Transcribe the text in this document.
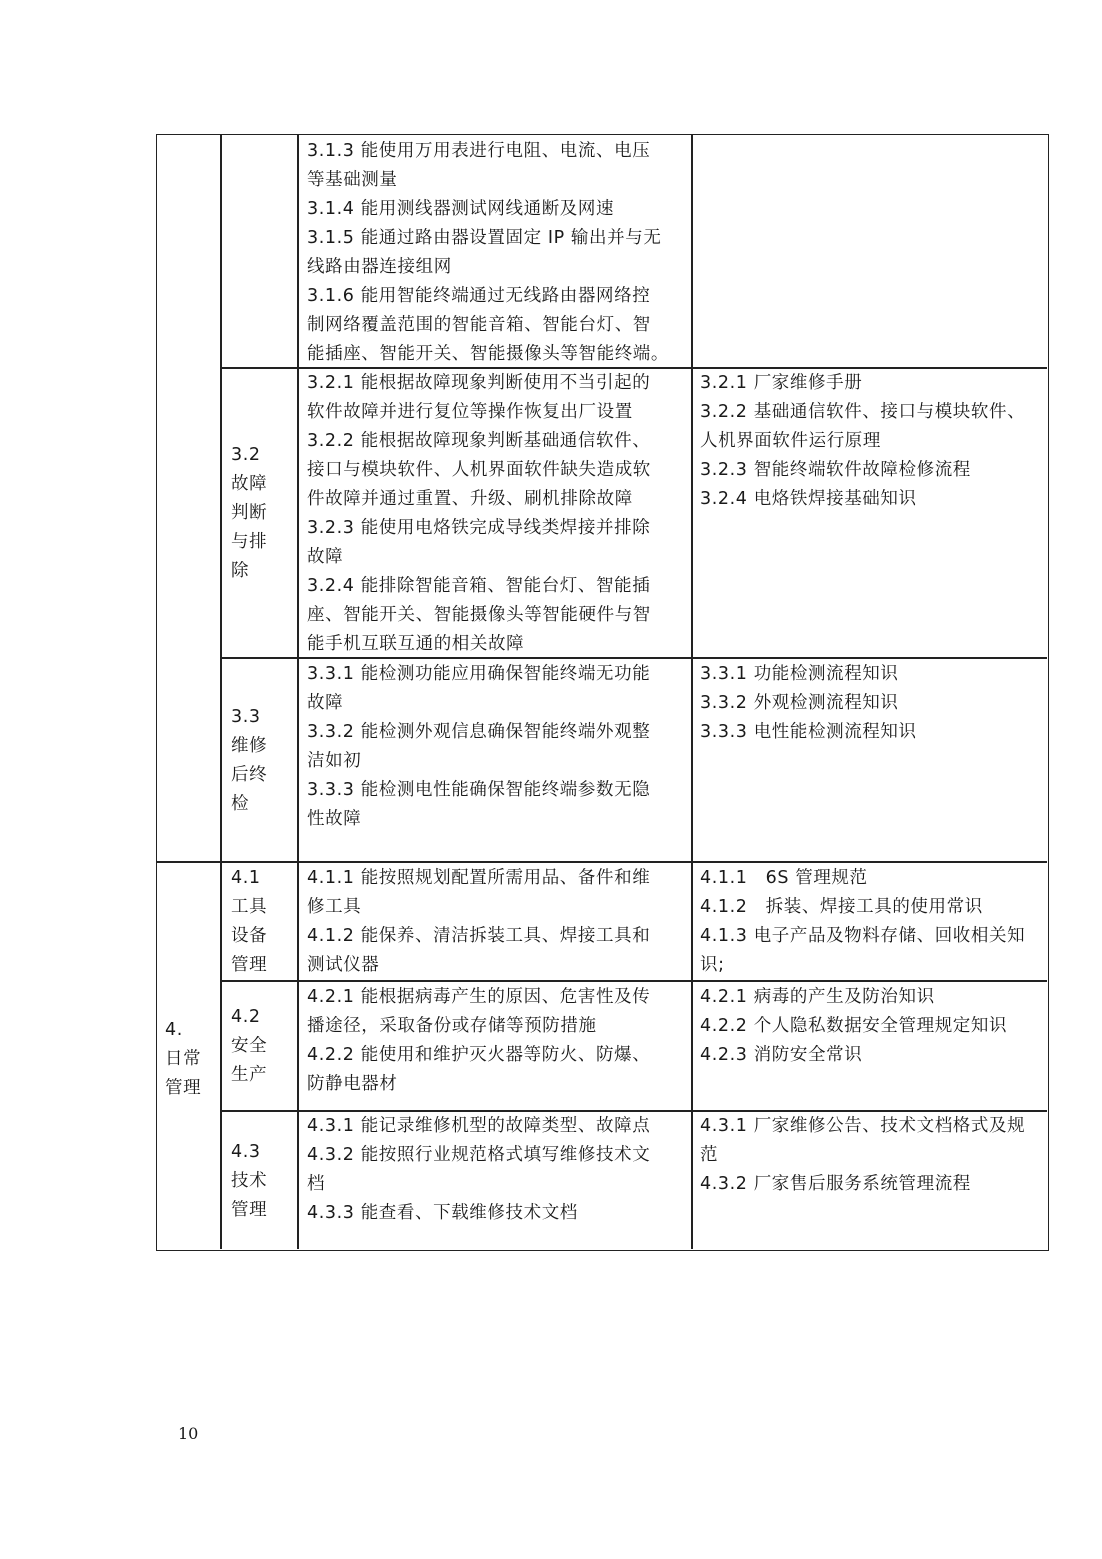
4.
日常
管理
3.1.3 能使用万用表进行电阻、电流、电压
等基础测量
3.1.4 能用测线器测试网线通断及网速
3.1.5 能通过路由器设置固定 IP 输出并与无
线路由器连接组网
3.1.6 能用智能终端通过无线路由器网络控
制网络覆盖范围的智能音箱、智能台灯、智
能插座、智能开关、智能摄像头等智能终端。
3.2
故障
判断
与排
除
3.2.1 能根据故障现象判断使用不当引起的
软件故障并进行复位等操作恢复出厂设置
3.2.2 能根据故障现象判断基础通信软件、
接口与模块软件、人机界面软件缺失造成软
件故障并通过重置、升级、刷机排除故障
3.2.3 能使用电烙铁完成导线类焊接并排除
故障
3.2.4 能排除智能音箱、智能台灯、智能插
座、智能开关、智能摄像头等智能硬件与智
能手机互联互通的相关故障
3.2.1 厂家维修手册
3.2.2 基础通信软件、接口与模块软件、
人机界面软件运行原理
3.2.3 智能终端软件故障检修流程
3.2.4 电烙铁焊接基础知识
3.3
维修
后终
检
3.3.1 能检测功能应用确保智能终端无功能
故障
3.3.2 能检测外观信息确保智能终端外观整
洁如初
3.3.3 能检测电性能确保智能终端参数无隐
性故障
3.3.1 功能检测流程知识
3.3.2 外观检测流程知识
3.3.3 电性能检测流程知识
4.1
工具
设备
管理
4.1.1 能按照规划配置所需用品、备件和维
修工具
4.1.2 能保养、清洁拆装工具、焊接工具和
测试仪器
4.1.1　6S 管理规范
4.1.2　拆装、焊接工具的使用常识
4.1.3 电子产品及物料存储、回收相关知
识;
4.2
安全
生产
4.2.1 能根据病毒产生的原因、危害性及传
播途径，采取备份或存储等预防措施
4.2.2 能使用和维护灭火器等防火、防爆、
防静电器材
4.2.1 病毒的产生及防治知识
4.2.2 个人隐私数据安全管理规定知识
4.2.3 消防安全常识
4.3
技术
管理
4.3.1 能记录维修机型的故障类型、故障点
4.3.2 能按照行业规范格式填写维修技术文
档
4.3.3 能查看、下载维修技术文档
4.3.1 厂家维修公告、技术文档格式及规
范
4.3.2 厂家售后服务系统管理流程
10
